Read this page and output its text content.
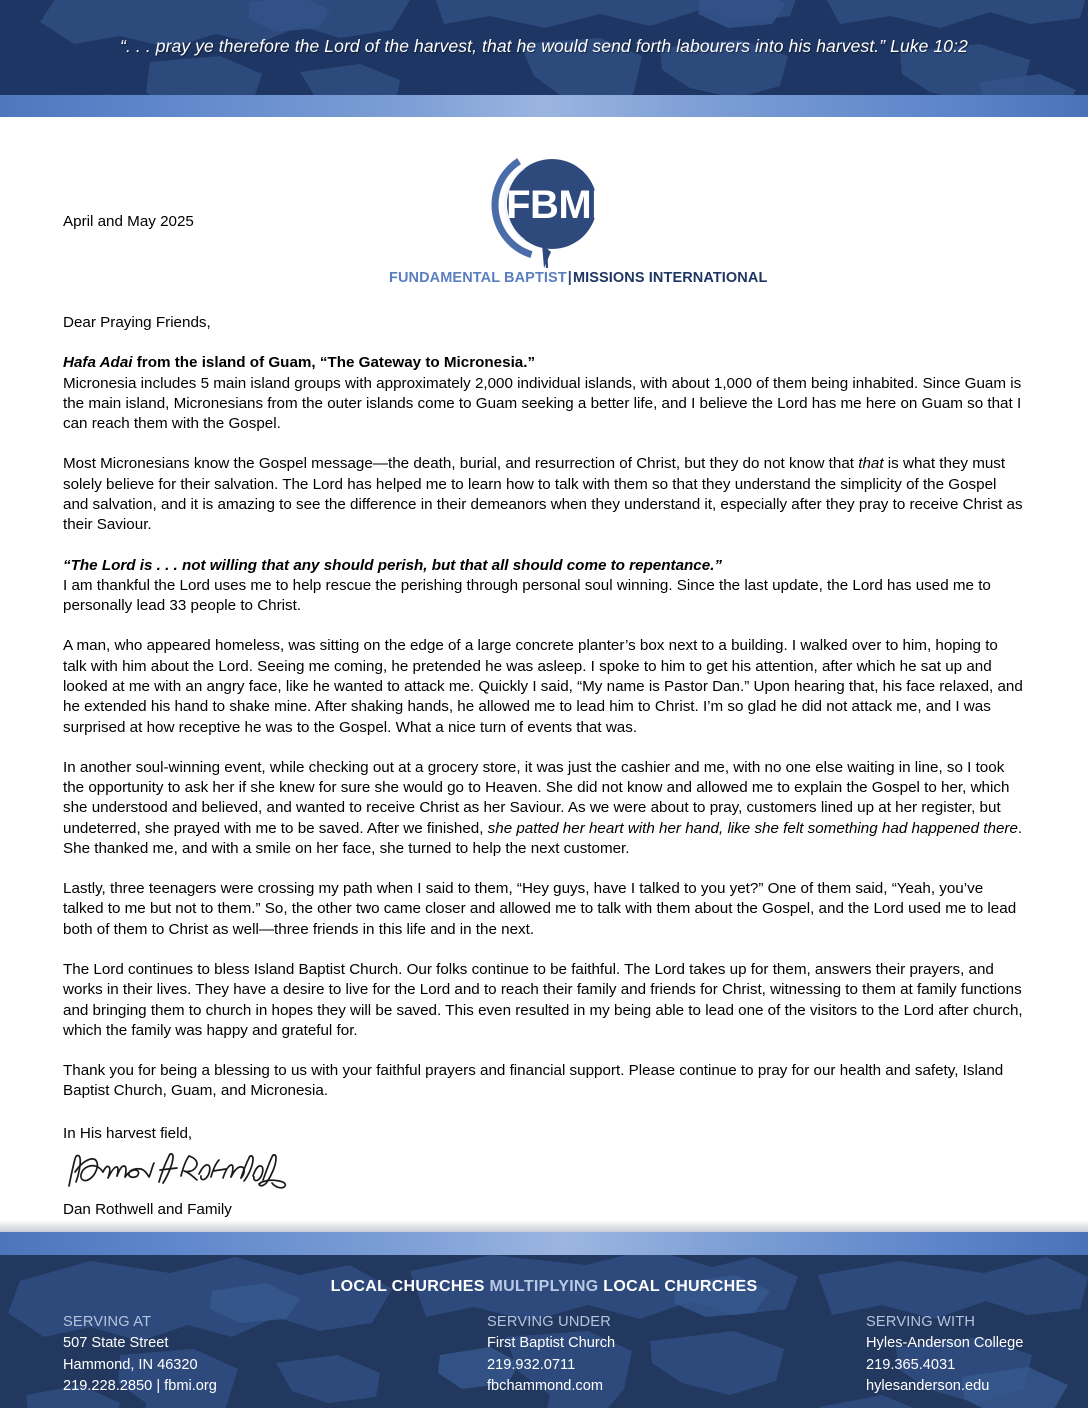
“. . . pray ye therefore the Lord of the harvest, that he would send forth labourers into his harvest.” Luke 10:2
FBMI
FUNDAMENTAL BAPTIST|MISSIONS INTERNATIONAL
April and May 2025
Dear Praying Friends,

Hafa Adai from the island of Guam, “The Gateway to Micronesia.”
Micronesia includes 5 main island groups with approximately 2,000 individual islands, with about 1,000 of them being inhabited. Since Guam is the main island, Micronesians from the outer islands come to Guam seeking a better life, and I believe the Lord has me here on Guam so that I can reach them with the Gospel.

Most Micronesians know the Gospel message—the death, burial, and resurrection of Christ, but they do not know that that is what they must solely believe for their salvation. The Lord has helped me to learn how to talk with them so that they understand the simplicity of the Gospel and salvation, and it is amazing to see the difference in their demeanors when they understand it, especially after they pray to receive Christ as their Saviour.

“The Lord is . . . not willing that any should perish, but that all should come to repentance.”
I am thankful the Lord uses me to help rescue the perishing through personal soul winning. Since the last update, the Lord has used me to personally lead 33 people to Christ.

A man, who appeared homeless, was sitting on the edge of a large concrete planter’s box next to a building. I walked over to him, hoping to talk with him about the Lord. Seeing me coming, he pretended he was asleep. I spoke to him to get his attention, after which he sat up and looked at me with an angry face, like he wanted to attack me. Quickly I said, “My name is Pastor Dan.” Upon hearing that, his face relaxed, and he extended his hand to shake mine. After shaking hands, he allowed me to lead him to Christ. I’m so glad he did not attack me, and I was surprised at how receptive he was to the Gospel. What a nice turn of events that was.

In another soul-winning event, while checking out at a grocery store, it was just the cashier and me, with no one else waiting in line, so I took the opportunity to ask her if she knew for sure she would go to Heaven. She did not know and allowed me to explain the Gospel to her, which she understood and believed, and wanted to receive Christ as her Saviour. As we were about to pray, customers lined up at her register, but undeterred, she prayed with me to be saved. After we finished, she patted her heart with her hand, like she felt something had happened there. She thanked me, and with a smile on her face, she turned to help the next customer.

Lastly, three teenagers were crossing my path when I said to them, “Hey guys, have I talked to you yet?” One of them said, “Yeah, you’ve talked to me but not to them.” So, the other two came closer and allowed me to talk with them about the Gospel, and the Lord used me to lead both of them to Christ as well—three friends in this life and in the next.

The Lord continues to bless Island Baptist Church. Our folks continue to be faithful. The Lord takes up for them, answers their prayers, and works in their lives. They have a desire to live for the Lord and to reach their family and friends for Christ, witnessing to them at family functions and bringing them to church in hopes they will be saved. This even resulted in my being able to lead one of the visitors to the Lord after church, which the family was happy and grateful for.

Thank you for being a blessing to us with your faithful prayers and financial support. Please continue to pray for our health and safety, Island Baptist Church, Guam, and Micronesia.

In His harvest field,
Dan Rothwell and Family
LOCAL CHURCHES MULTIPLYING LOCAL CHURCHES
SERVING AT
507 State Street
Hammond, IN 46320
219.228.2850 | fbmi.org
SERVING UNDER
First Baptist Church
219.932.0711
fbchammond.com
SERVING WITH
Hyles-Anderson College
219.365.4031
hylesanderson.edu
